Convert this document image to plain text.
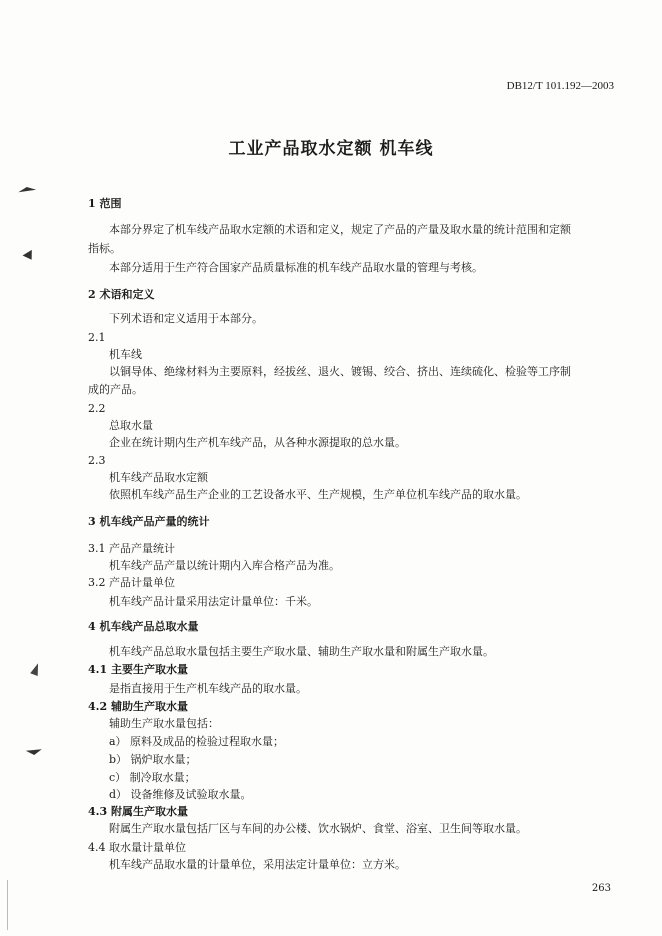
DB12/T 101.192—2003
工业产品取水定额 机车线
1 范围
本部分界定了机车线产品取水定额的术语和定义，规定了产品的产量及取水量的统计范围和定额
指标。
本部分适用于生产符合国家产品质量标准的机车线产品取水量的管理与考核。
2 术语和定义
下列术语和定义适用于本部分。
2.1
机车线
以铜导体、绝缘材料为主要原料，经拔丝、退火、镀锡、绞合、挤出、连续硫化、检验等工序制
成的产品。
2.2
总取水量
企业在统计期内生产机车线产品，从各种水源提取的总水量。
2.3
机车线产品取水定额
依照机车线产品生产企业的工艺设备水平、生产规模，生产单位机车线产品的取水量。
3 机车线产品产量的统计
3.1 产品产量统计
机车线产品产量以统计期内入库合格产品为准。
3.2 产品计量单位
机车线产品计量采用法定计量单位：千米。
4 机车线产品总取水量
机车线产品总取水量包括主要生产取水量、辅助生产取水量和附属生产取水量。
4.1 主要生产取水量
是指直接用于生产机车线产品的取水量。
4.2 辅助生产取水量
辅助生产取水量包括：
a） 原料及成品的检验过程取水量；
b） 锅炉取水量；
c） 制冷取水量；
d） 设备维修及试验取水量。
4.3 附属生产取水量
附属生产取水量包括厂区与车间的办公楼、饮水锅炉、食堂、浴室、卫生间等取水量。
4.4 取水量计量单位
机车线产品取水量的计量单位，采用法定计量单位：立方米。
263
